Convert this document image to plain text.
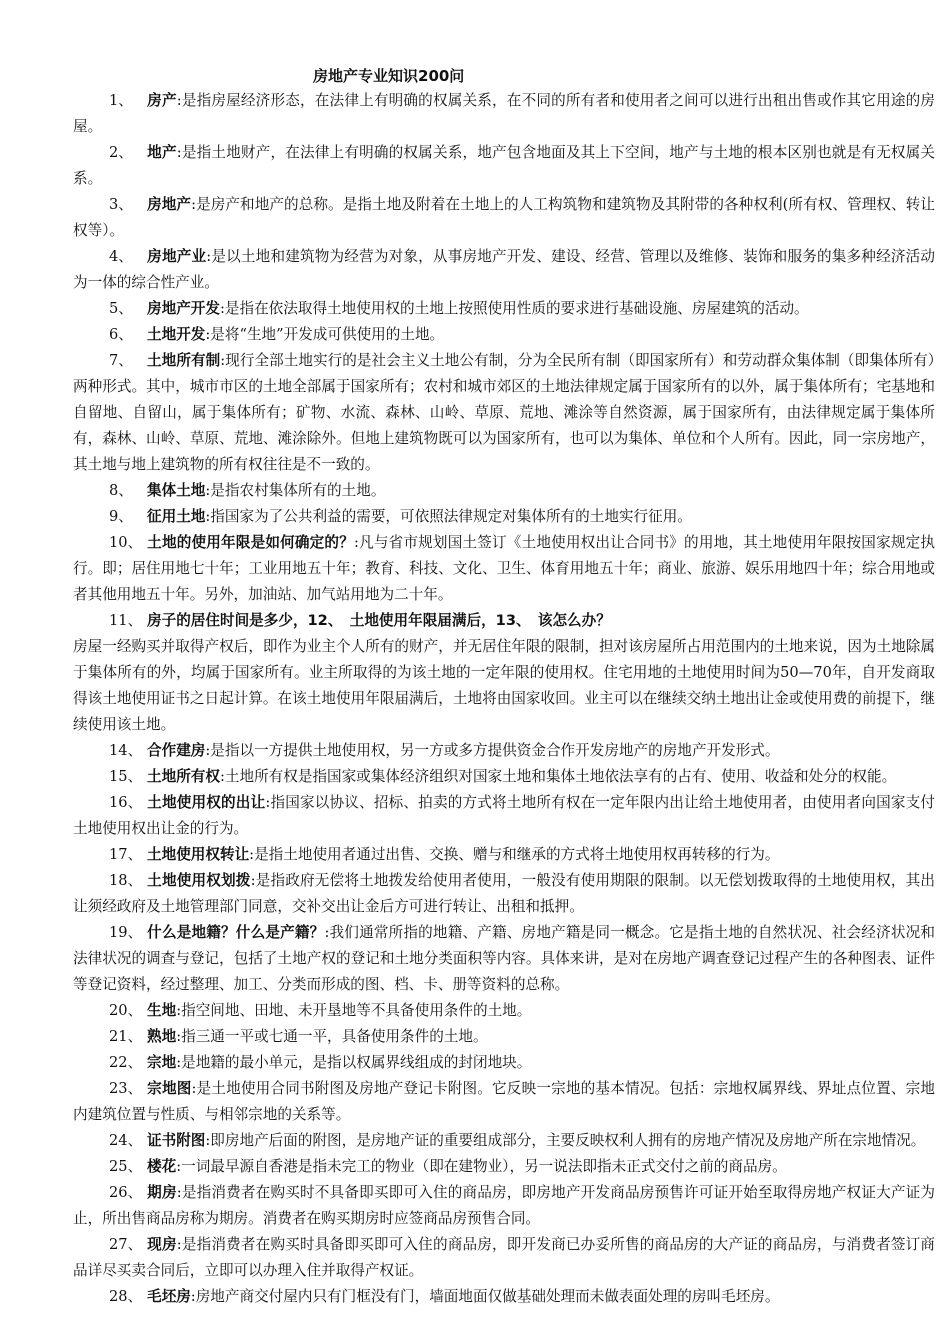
房地产专业知识200问

1、 房产:是指房屋经济形态，在法律上有明确的权属关系，在不同的所有者和使用者之间可以进行出租出售或作其它用途的房屋。

2、 地产:是指土地财产，在法律上有明确的权属关系，地产包含地面及其上下空间，地产与土地的根本区别也就是有无权属关系。

3、 房地产:是房产和地产的总称。是指土地及附着在土地上的人工构筑物和建筑物及其附带的各种权利(所有权、管理权、转让权等）。

4、 房地产业:是以土地和建筑物为经营为对象，从事房地产开发、建设、经营、管理以及维修、装饰和服务的集多种经济活动为一体的综合性产业。

5、 房地产开发:是指在依法取得土地使用权的土地上按照使用性质的要求进行基础设施、房屋建筑的活动。

6、 土地开发:是将“生地”开发成可供使用的土地。

7、 土地所有制:现行全部土地实行的是社会主义土地公有制，分为全民所有制（即国家所有）和劳动群众集体制（即集体所有）两种形式。其中，城市市区的土地全部属于国家所有；农村和城市郊区的土地法律规定属于国家所有的以外，属于集体所有；宅基地和自留地、自留山，属于集体所有；矿物、水流、森林、山岭、草原、荒地、滩涂等自然资源，属于国家所有，由法律规定属于集体所有，森林、山岭、草原、荒地、滩涂除外。但地上建筑物既可以为国家所有，也可以为集体、单位和个人所有。因此，同一宗房地产，其土地与地上建筑物的所有权往往是不一致的。

8、 集体土地:是指农村集体所有的土地。

9、 征用土地:指国家为了公共利益的需要，可依照法律规定对集体所有的土地实行征用。

10、 土地的使用年限是如何确定的？:凡与省市规划国土签订《土地使用权出让合同书》的用地，其土地使用年限按国家规定执行。即；居住用地七十年；工业用地五十年；教育、科技、文化、卫生、体育用地五十年；商业、旅游、娱乐用地四十年；综合用地或者其他用地五十年。另外，加油站、加气站用地为二十年。

11、 房子的居住时间是多少，12、　土地使用年限届满后，13、　该怎么办？

房屋一经购买并取得产权后，即作为业主个人所有的财产，并无居住年限的限制，担对该房屋所占用范围内的土地来说，因为土地除属于集体所有的外，均属于国家所有。业主所取得的为该土地的一定年限的使用权。住宅用地的土地使用时间为50—70年，自开发商取得该土地使用证书之日起计算。在该土地使用年限届满后，土地将由国家收回。业主可以在继续交纳土地出让金或使用费的前提下，继续使用该土地。

14、 合作建房:是指以一方提供土地使用权，另一方或多方提供资金合作开发房地产的房地产开发形式。

15、 土地所有权:土地所有权是指国家或集体经济组织对国家土地和集体土地依法享有的占有、使用、收益和处分的权能。

16、 土地使用权的出让:指国家以协议、招标、拍卖的方式将土地所有权在一定年限内出让给土地使用者，由使用者向国家支付土地使用权出让金的行为。

17、 土地使用权转让:是指土地使用者通过出售、交换、赠与和继承的方式将土地使用权再转移的行为。

18、 土地使用权划拨:是指政府无偿将土地拨发给使用者使用，一般没有使用期限的限制。以无偿划拨取得的土地使用权，其出让须经政府及土地管理部门同意，交补交出让金后方可进行转让、出租和抵押。

19、 什么是地籍？什么是产籍？:我们通常所指的地籍、产籍、房地产籍是同一概念。它是指土地的自然状况、社会经济状况和法律状况的调查与登记，包括了土地产权的登记和土地分类面积等内容。具体来讲，是对在房地产调查登记过程产生的各种图表、证件等登记资料，经过整理、加工、分类而形成的图、档、卡、册等资料的总称。

20、 生地:指空间地、田地、未开垦地等不具备使用条件的土地。

21、 熟地:指三通一平或七通一平，具备使用条件的土地。

22、 宗地:是地籍的最小单元，是指以权属界线组成的封闭地块。

23、 宗地图:是土地使用合同书附图及房地产登记卡附图。它反映一宗地的基本情况。包括：宗地权属界线、界址点位置、宗地内建筑位置与性质、与相邻宗地的关系等。

24、 证书附图:即房地产后面的附图，是房地产证的重要组成部分，主要反映权利人拥有的房地产情况及房地产所在宗地情况。

25、 楼花:一词最早源自香港是指未完工的物业（即在建物业），另一说法即指未正式交付之前的商品房。

26、 期房:是指消费者在购买时不具备即买即可入住的商品房，即房地产开发商品房预售许可证开始至取得房地产权证大产证为止，所出售商品房称为期房。消费者在购买期房时应签商品房预售合同。

27、 现房:是指消费者在购买时具备即买即可入住的商品房，即开发商已办妥所售的商品房的大产证的商品房，与消费者签订商品详尽买卖合同后，立即可以办理入住并取得产权证。

28、 毛坯房:房地产商交付屋内只有门框没有门，墙面地面仅做基础处理而未做表面处理的房叫毛坯房。
